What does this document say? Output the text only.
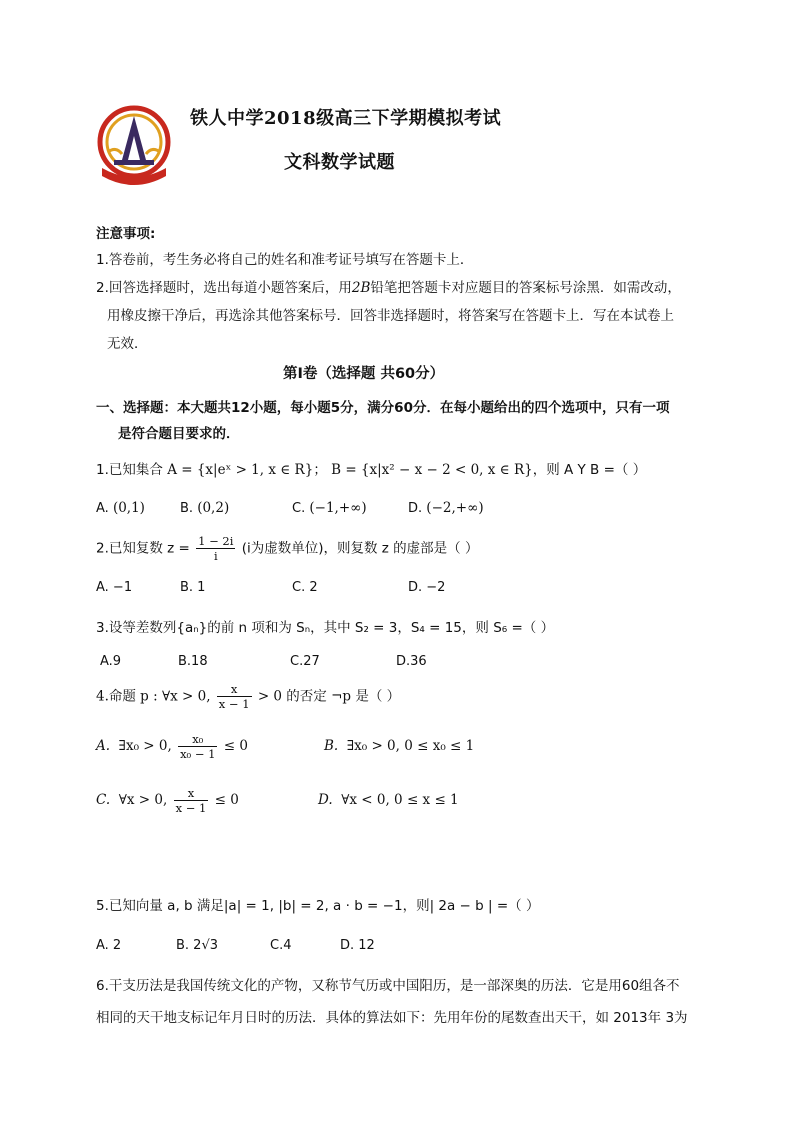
铁人中学2018级高三下学期模拟考试
文科数学试题
注意事项:
1.答卷前，考生务必将自己的姓名和准考证号填写在答题卡上．
2.回答选择题时，选出每道小题答案后，用2B铅笔把答题卡对应题目的答案标号涂黑．如需改动，
用橡皮擦干净后，再选涂其他答案标号．回答非选择题时，将答案写在答题卡上．写在本试卷上
无效．
第Ⅰ卷（选择题 共60分）
一、选择题：本大题共12小题，每小题5分，满分60分．在每小题给出的四个选项中，只有一项
是符合题目要求的．
1.已知集合 A = {x|eˣ > 1, x ∈ R}； B = {x|x² − x − 2 < 0, x ∈ R}，则 A Y B =（ ）
A. (0,1)	B. (0,2)	C. (−1,+∞)	D. (−2,+∞)
2.已知复数 $z = \frac{1 - 2i}{i} (i$为虚数单位)，则复数 z 的虚部是（ ）
A. −1	B. 1	C. 2	D. −2
3.设等差数列{aₙ}的前 n 项和为 Sₙ，其中 S₂ = 3，S₄ = 15，则 S₆ =（ ）
A.9	B.18	C.27	D.36
4.命题 p : ∀x > 0, $\frac{x}{x - 1} > 0$ 的否定 ¬p 是（ ）
A. ∃x₀ > 0, $\frac{\text{x₀}}{\text{x₀ − 1}} \le 0$	B. ∃x₀ > 0, 0 ≤ x₀ ≤ 1
C. ∀x > 0, $\frac{x}{x - 1} \le 0$	D. ∀x < 0, 0 ≤ x ≤ 1
5.已知向量 a, b 满足|a| = 1, |b| = 2, a · b = −1，则| 2a − b | =（ ）
A. 2	B. 2√3	C.4	D. 12
6.干支历法是我国传统文化的产物，又称节气历或中国阳历，是一部深奥的历法．它是用60组各不
相同的天干地支标记年月日时的历法．具体的算法如下：先用年份的尾数查出天干，如 2013年 3为
